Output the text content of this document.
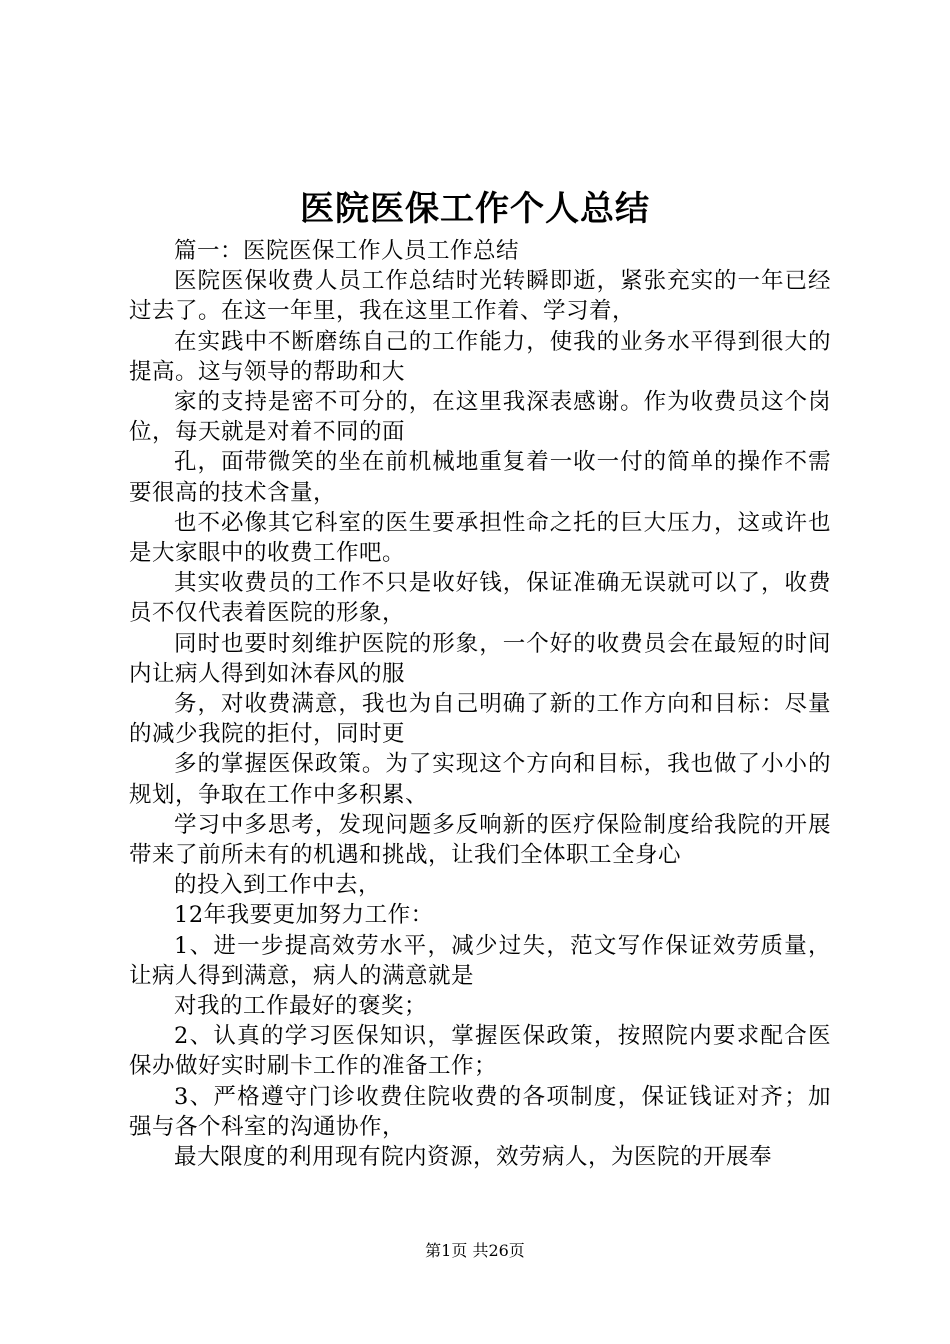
医院医保工作个人总结

篇一：医院医保工作人员工作总结

医院医保收费人员工作总结时光转瞬即逝，紧张充实的一年已经过去了。在这一年里，我在这里工作着、学习着，

在实践中不断磨练自己的工作能力，使我的业务水平得到很大的提高。这与领导的帮助和大

家的支持是密不可分的，在这里我深表感谢。作为收费员这个岗位，每天就是对着不同的面

孔，面带微笑的坐在前机械地重复着一收一付的简单的操作不需要很高的技术含量，

也不必像其它科室的医生要承担性命之托的巨大压力，这或许也是大家眼中的收费工作吧。

其实收费员的工作不只是收好钱，保证准确无误就可以了，收费员不仅代表着医院的形象，

同时也要时刻维护医院的形象，一个好的收费员会在最短的时间内让病人得到如沐春风的服

务，对收费满意，我也为自己明确了新的工作方向和目标：尽量的减少我院的拒付，同时更

多的掌握医保政策。为了实现这个方向和目标，我也做了小小的规划，争取在工作中多积累、

学习中多思考，发现问题多反响新的医疗保险制度给我院的开展带来了前所未有的机遇和挑战，让我们全体职工全身心

的投入到工作中去，

12年我要更加努力工作：

1、进一步提高效劳水平，减少过失，范文写作保证效劳质量，让病人得到满意，病人的满意就是

对我的工作最好的褒奖；

2、认真的学习医保知识，掌握医保政策，按照院内要求配合医保办做好实时刷卡工作的准备工作；

3、严格遵守门诊收费住院收费的各项制度，保证钱证对齐；加强与各个科室的沟通协作，

最大限度的利用现有院内资源，效劳病人，为医院的开展奉

第1页 共26页
